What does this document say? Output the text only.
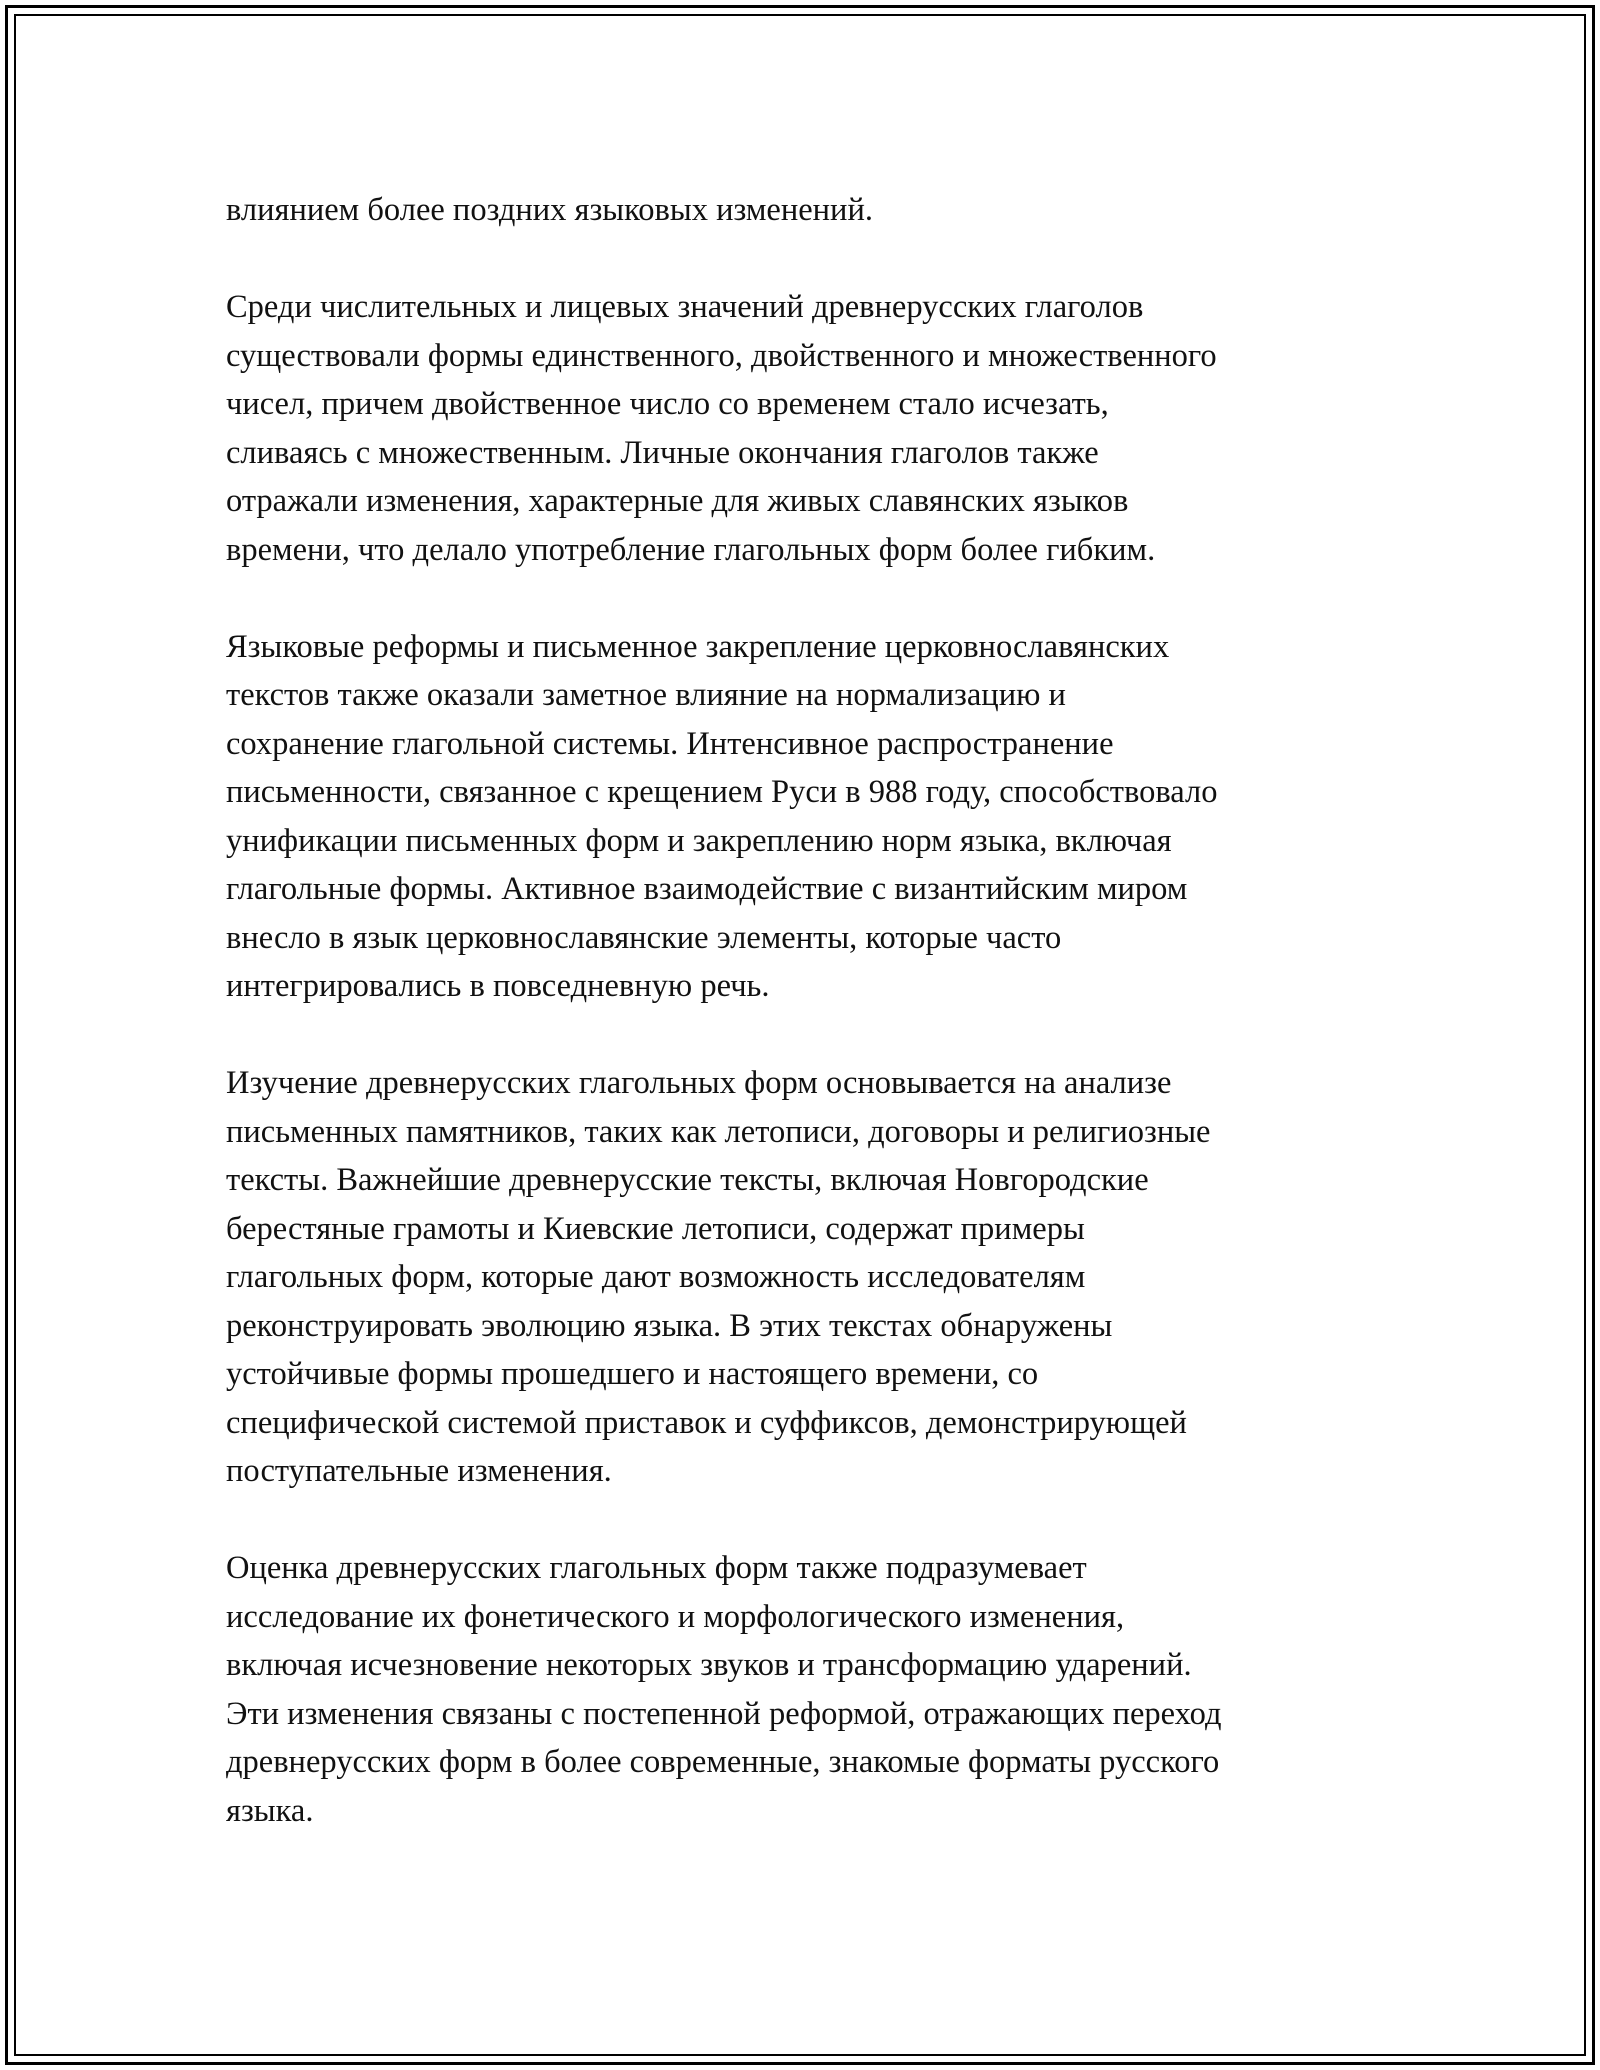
влиянием более поздних языковых изменений.
Среди числительных и лицевых значений древнерусских глаголов
существовали формы единственного, двойственного и множественного
чисел, причем двойственное число со временем стало исчезать,
сливаясь с множественным. Личные окончания глаголов также
отражали изменения, характерные для живых славянских языков
времени, что делало употребление глагольных форм более гибким.
Языковые реформы и письменное закрепление церковнославянских
текстов также оказали заметное влияние на нормализацию и
сохранение глагольной системы. Интенсивное распространение
письменности, связанное с крещением Руси в 988 году, способствовало
унификации письменных форм и закреплению норм языка, включая
глагольные формы. Активное взаимодействие с византийским миром
внесло в язык церковнославянские элементы, которые часто
интегрировались в повседневную речь.
Изучение древнерусских глагольных форм основывается на анализе
письменных памятников, таких как летописи, договоры и религиозные
тексты. Важнейшие древнерусские тексты, включая Новгородские
берестяные грамоты и Киевские летописи, содержат примеры
глагольных форм, которые дают возможность исследователям
реконструировать эволюцию языка. В этих текстах обнаружены
устойчивые формы прошедшего и настоящего времени, со
специфической системой приставок и суффиксов, демонстрирующей
поступательные изменения.
Оценка древнерусских глагольных форм также подразумевает
исследование их фонетического и морфологического изменения,
включая исчезновение некоторых звуков и трансформацию ударений.
Эти изменения связаны с постепенной реформой, отражающих переход
древнерусских форм в более современные, знакомые форматы русского
языка.
